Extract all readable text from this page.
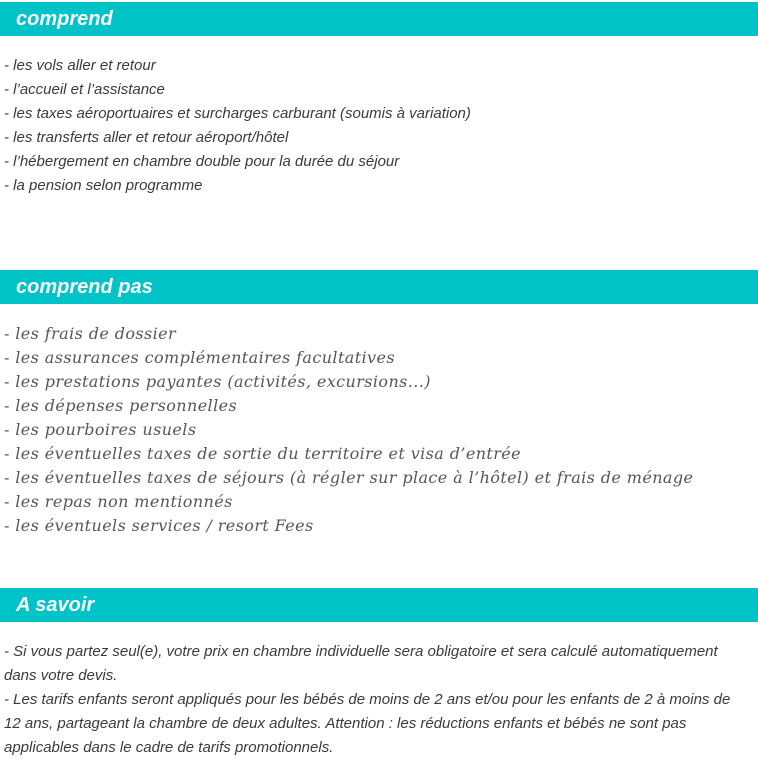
comprend
- les vols aller et retour
- l’accueil et l’assistance
- les taxes aéroportuaires et surcharges carburant (soumis à variation)
- les transferts aller et retour aéroport/hôtel
- l’hébergement en chambre double pour la durée du séjour
- la pension selon programme
comprend pas
- les frais de dossier
- les assurances complémentaires facultatives
- les prestations payantes (activités, excursions...)
- les dépenses personnelles
- les pourboires usuels
- les éventuelles taxes de sortie du territoire et visa d’entrée
- les éventuelles taxes de séjours (à régler sur place à l’hôtel) et frais de ménage
- les repas non mentionnés
- les éventuels services / resort Fees
A savoir
- Si vous partez seul(e), votre prix en chambre individuelle sera obligatoire et sera calculé automatiquement dans votre devis.
- Les tarifs enfants seront appliqués pour les bébés de moins de 2 ans et/ou pour les enfants de 2 à moins de 12 ans, partageant la chambre de deux adultes. Attention : les réductions enfants et bébés ne sont pas applicables dans le cadre de tarifs promotionnels.
